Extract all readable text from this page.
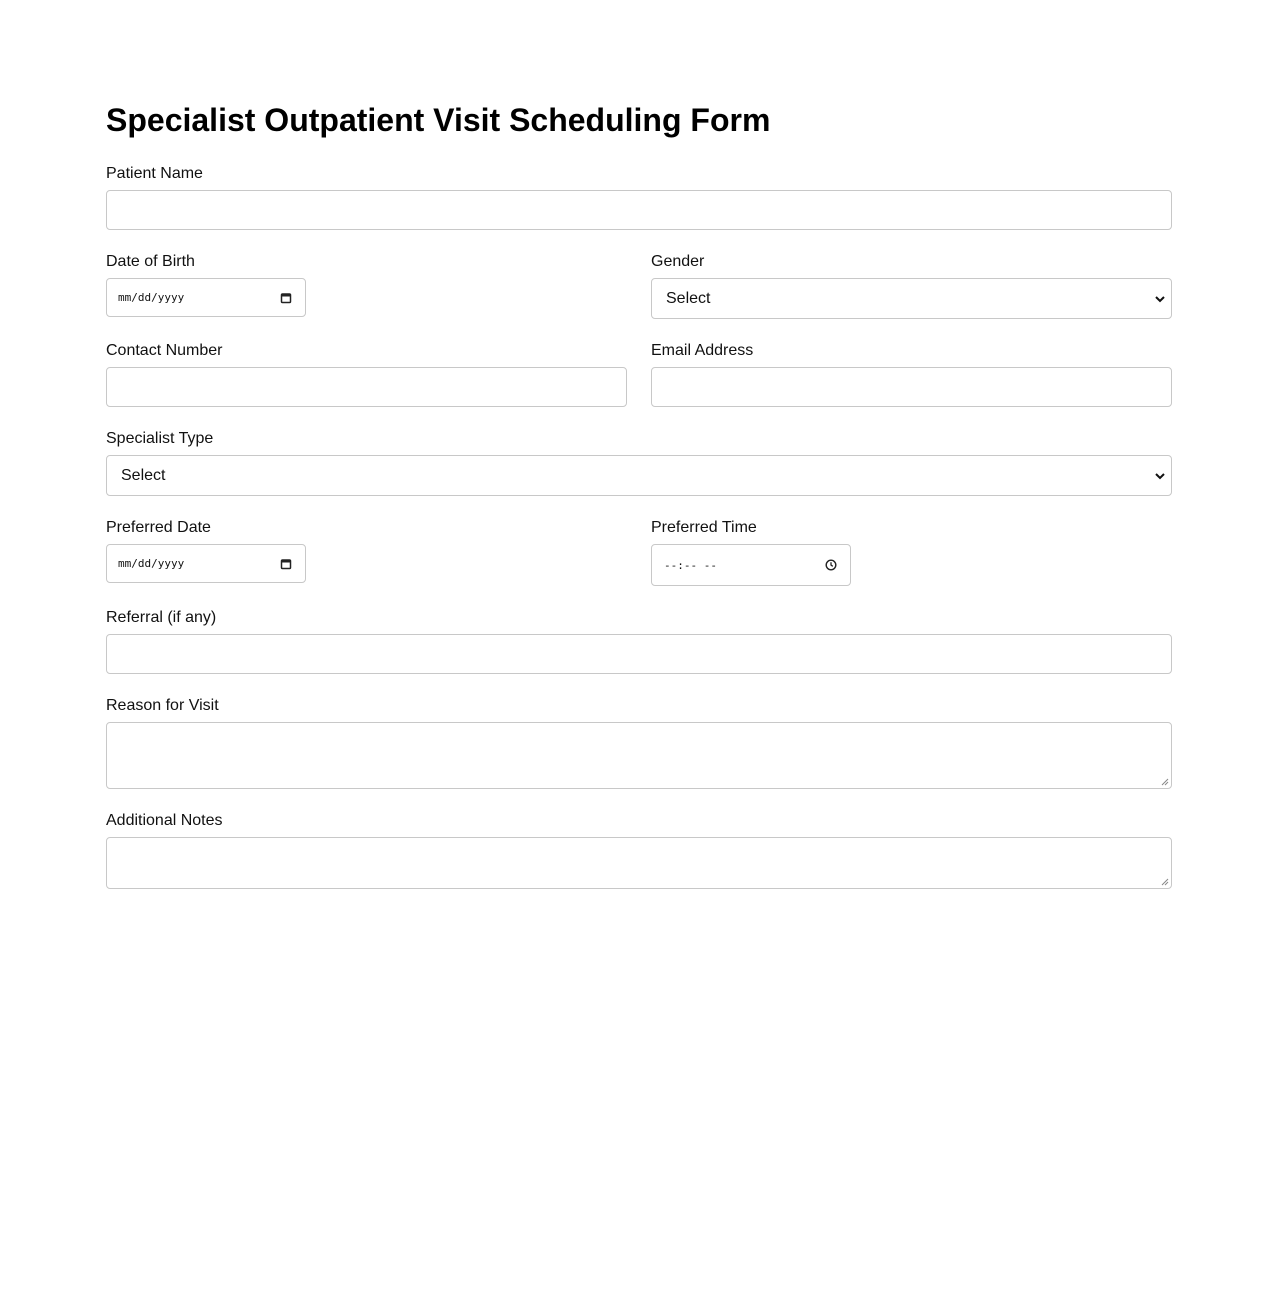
Specialist Outpatient Visit Scheduling Form
Patient Name
Date of Birth
mm/dd/yyyy
Gender
Select
Contact Number	Email Address
Specialist Type
Select
Preferred Date
mm/dd/yyyy
Preferred Time
--:-- --
Referral (if any)
Reason for Visit
Additional Notes
